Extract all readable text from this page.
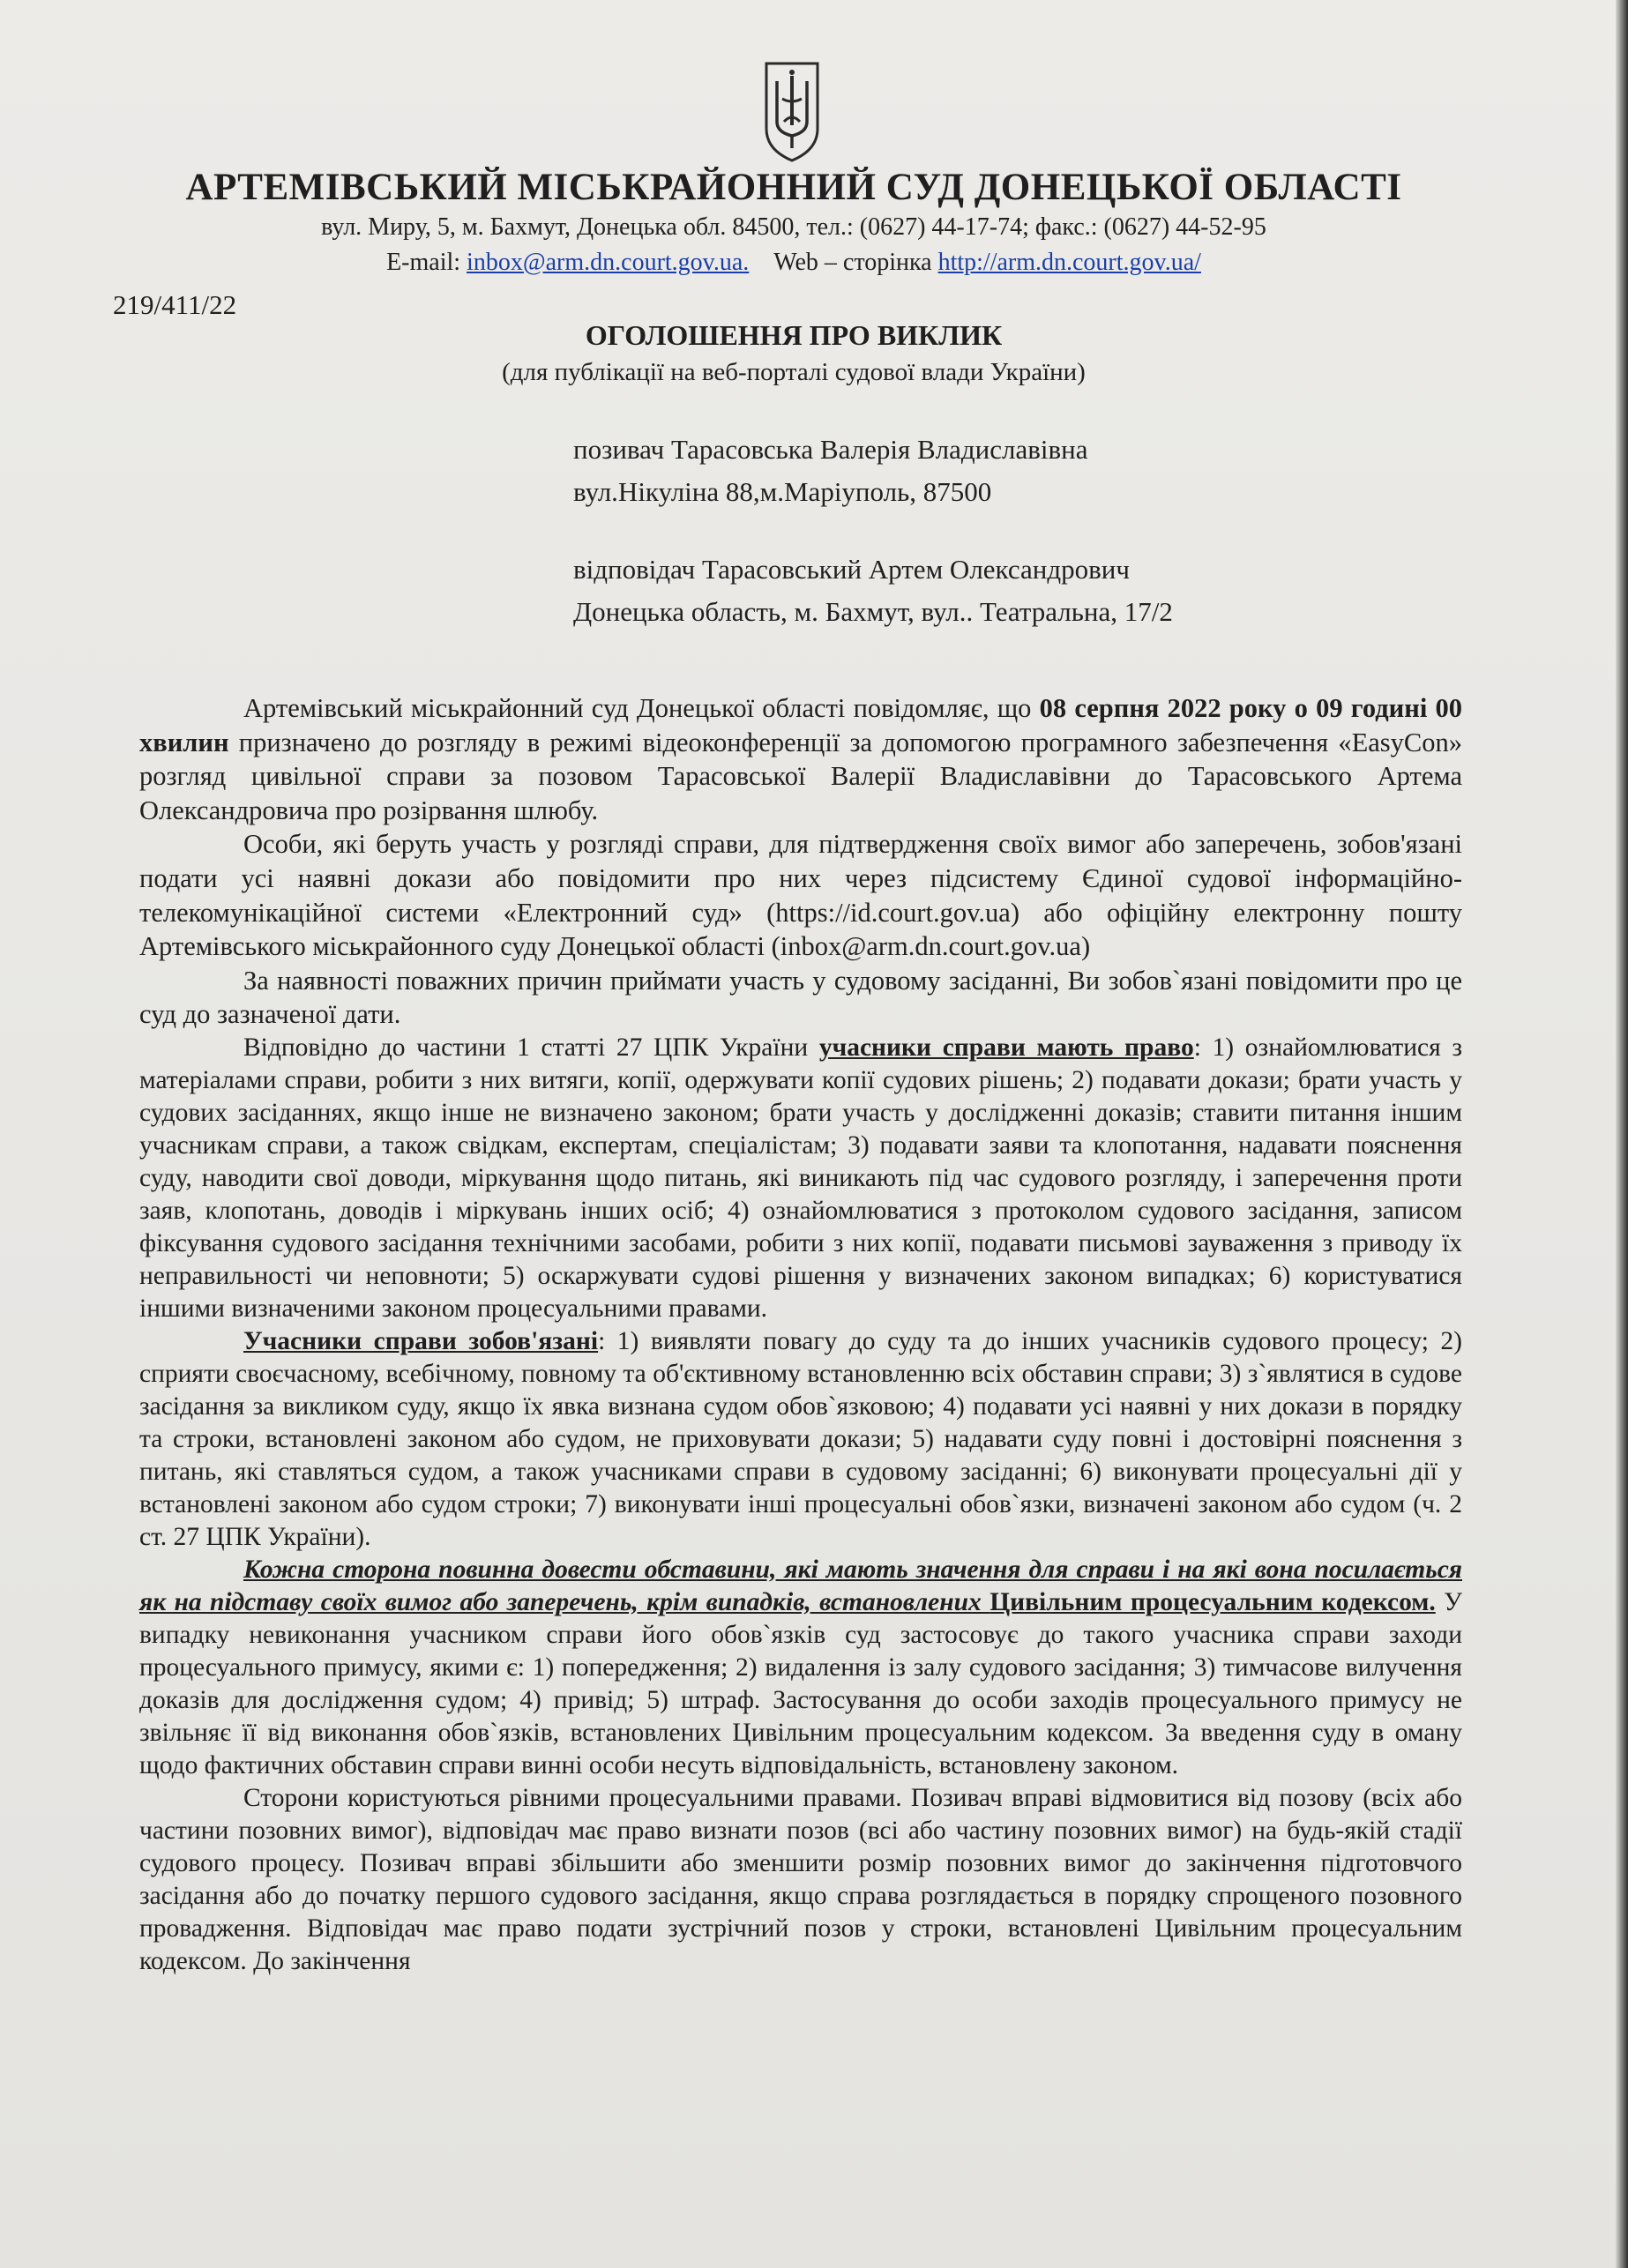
АРТЕМІВСЬКИЙ МІСЬКРАЙОННИЙ СУД ДОНЕЦЬКОЇ ОБЛАСТІ
вул. Миру, 5, м. Бахмут, Донецька обл. 84500, тел.: (0627) 44-17-74; факс.: (0627) 44-52-95
E-mail: inbox@arm.dn.court.gov.ua. Web – сторінка http://arm.dn.court.gov.ua/
219/411/22
ОГОЛОШЕННЯ ПРО ВИКЛИК
(для публікації на веб-порталі судової влади України)
позивач Тарасовська Валерія Владиславівна
вул.Нікуліна 88,м.Маріуполь, 87500
відповідач Тарасовський Артем Олександрович
Донецька область, м. Бахмут, вул.. Театральна, 17/2

Артемівський міськрайонний суд Донецької області повідомляє, що 08 серпня 2022 року о 09 годині 00 хвилин призначено до розгляду в режимі відеоконференції за допомогою програмного забезпечення «EasyCon» розгляд цивільної справи за позовом Тарасовської Валерії Владиславівни до Тарасовського Артема Олександровича про розірвання шлюбу.

Особи, які беруть участь у розгляді справи, для підтвердження своїх вимог або заперечень, зобов'язані подати усі наявні докази або повідомити про них через підсистему Єдиної судової інформаційно-телекомунікаційної системи «Електронний суд» (https://id.court.gov.ua) або офіційну електронну пошту Артемівського міськрайонного суду Донецької області (inbox@arm.dn.court.gov.ua)

За наявності поважних причин приймати участь у судовому засіданні, Ви зобов`язані повідомити про це суд до зазначеної дати.

Відповідно до частини 1 статті 27 ЦПК України учасники справи мають право: 1) ознайомлюватися з матеріалами справи, робити з них витяги, копії, одержувати копії судових рішень; 2) подавати докази; брати участь у судових засіданнях, якщо інше не визначено законом; брати участь у дослідженні доказів; ставити питання іншим учасникам справи, а також свідкам, експертам, спеціалістам; 3) подавати заяви та клопотання, надавати пояснення суду, наводити свої доводи, міркування щодо питань, які виникають під час судового розгляду, і заперечення проти заяв, клопотань, доводів і міркувань інших осіб; 4) ознайомлюватися з протоколом судового засідання, записом фіксування судового засідання технічними засобами, робити з них копії, подавати письмові зауваження з приводу їх неправильності чи неповноти; 5) оскаржувати судові рішення у визначених законом випадках; 6) користуватися іншими визначеними законом процесуальними правами.

Учасники справи зобов'язані: 1) виявляти повагу до суду та до інших учасників судового процесу; 2) сприяти своєчасному, всебічному, повному та об'єктивному встановленню всіх обставин справи; 3) з`являтися в судове засідання за викликом суду, якщо їх явка визнана судом обов`язковою; 4) подавати усі наявні у них докази в порядку та строки, встановлені законом або судом, не приховувати докази; 5) надавати суду повні і достовірні пояснення з питань, які ставляться судом, а також учасниками справи в судовому засіданні; 6) виконувати процесуальні дії у встановлені законом або судом строки; 7) виконувати інші процесуальні обов`язки, визначені законом або судом (ч. 2 ст. 27 ЦПК України).

Кожна сторона повинна довести обставини, які мають значення для справи і на які вона посилається як на підставу своїх вимог або заперечень, крім випадків, встановлених Цивільним процесуальним кодексом. У випадку невиконання учасником справи його обов`язків суд застосовує до такого учасника справи заходи процесуального примусу, якими є: 1) попередження; 2) видалення із залу судового засідання; 3) тимчасове вилучення доказів для дослідження судом; 4) привід; 5) штраф. Застосування до особи заходів процесуального примусу не звільняє її від виконання обов`язків, встановлених Цивільним процесуальним кодексом. За введення суду в оману щодо фактичних обставин справи винні особи несуть відповідальність, встановлену законом.

Сторони користуються рівними процесуальними правами. Позивач вправі відмовитися від позову (всіх або частини позовних вимог), відповідач має право визнати позов (всі або частину позовних вимог) на будь-якій стадії судового процесу. Позивач вправі збільшити або зменшити розмір позовних вимог до закінчення підготовчого засідання або до початку першого судового засідання, якщо справа розглядається в порядку спрощеного позовного провадження. Відповідач має право подати зустрічний позов у строки, встановлені Цивільним процесуальним кодексом. До закінчення
